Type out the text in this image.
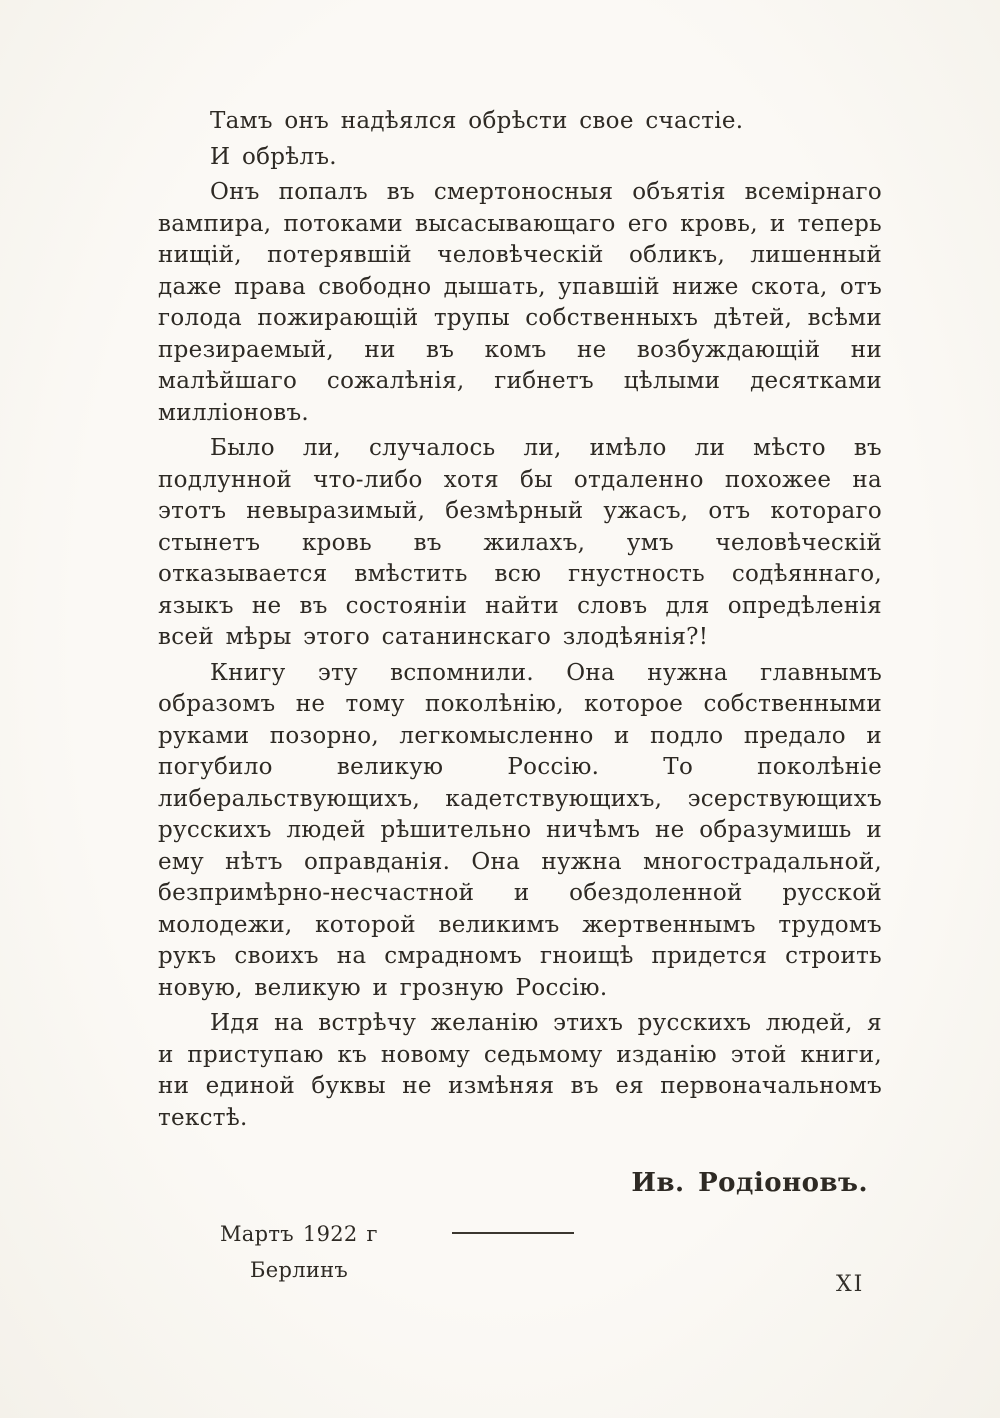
Тамъ онъ надѣялся обрѣсти свое счастіе.

И обрѣлъ.

Онъ попалъ въ смертоносныя объятія всемірнаго вампира, потоками высасывающаго его кровь, и теперь нищій, потерявшій человѣческій обликъ, лишенный даже права свободно дышать, упавшій ниже скота, отъ голода пожирающій трупы собственныхъ дѣтей, всѣми презираемый, ни въ комъ не возбуждающій ни малѣйшаго сожалѣнія, гибнетъ цѣлыми десятками милліоновъ.

Было ли, случалось ли, имѣло ли мѣсто въ подлунной что-либо хотя бы отдаленно похожее на этотъ невыразимый, безмѣрный ужасъ, отъ котораго стынетъ кровь въ жилахъ, умъ человѣческій отказывается вмѣстить всю гнустность содѣяннаго, языкъ не въ состояніи найти словъ для опредѣленія всей мѣры этого сатанинскаго злодѣянія?!

Книгу эту вспомнили. Она нужна главнымъ образомъ не тому поколѣнію, которое собственными руками позорно, легкомысленно и подло предало и погубило великую Россію. То поколѣніе либеральствующихъ, кадетствующихъ, эсерствующихъ русскихъ людей рѣшительно ничѣмъ не образумишь и ему нѣтъ оправданія. Она нужна многострадальной, безпримѣрно-несчастной и обездоленной русской молодежи, которой великимъ жертвеннымъ трудомъ рукъ своихъ на смрадномъ гноищѣ придется строить новую, великую и грозную Россію.

Идя на встрѣчу желанію этихъ русскихъ людей, я и приступаю къ новому седьмому изданію этой книги, ни единой буквы не измѣняя въ ея первоначальномъ текстѣ.

Ив. Родіоновъ.
Мартъ 1922 г
Берлинъ
XI
